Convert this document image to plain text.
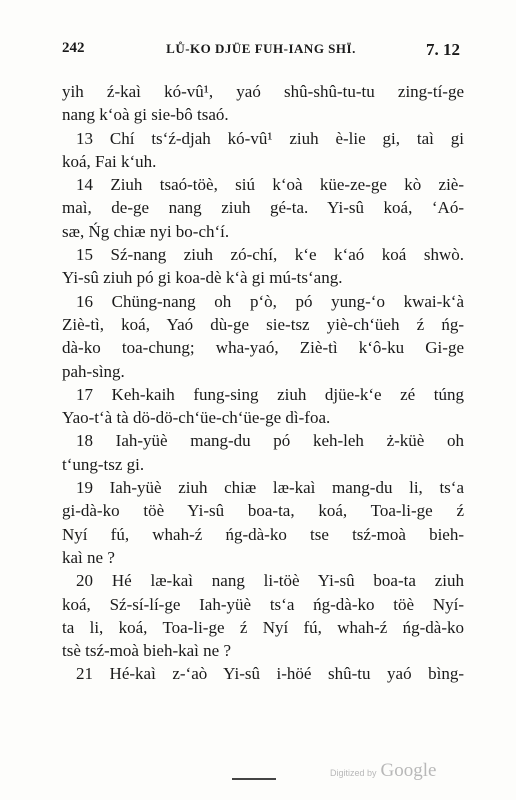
242	LŮ-KO DJÜE FUH-IANG SHÏ.	7. 12
yih ź-kaì kó-vû¹, yaó shû-shû-tu-tu zing-tí-ge
nang k‘oà gi sie-bô tsaó.
13 Chí ts‘ź-djah kó-vû¹ ziuh è-lie gi, taì gi
koá, Fai k‘uh.
14 Ziuh tsaó-töè, siú k‘oà küe-ze-ge kò ziè-
maì, de-ge nang ziuh gé-ta. Yi-sû koá, ‘Aó-
sæ, Ńg chiæ nyi bo-ch‘í.
15 Sź-nang ziuh zó-chí, k‘e k‘aó koá shwò.
Yi-sû ziuh pó gi koa-dè k‘à gi mú-ts‘ang.
16 Chüng-nang oh p‘ò, pó yung-‘o kwai-k‘à
Ziè-tì, koá, Yaó dù-ge sie-tsz yiè-ch‘üeh ź ńg-
dà-ko toa-chung; wha-yaó, Ziè-tì k‘ô-ku Gi-ge
pah-sìng.
17 Keh-kaih fung-sing ziuh djüe-k‘e zé túng
Yao-t‘à tà dö-dö-ch‘üe-ch‘üe-ge dì-foa.
18 Iah-yüè mang-du pó keh-leh ż-küè oh
t‘ung-tsz gi.
19 Iah-yüè ziuh chiæ læ-kaì mang-du li, ts‘a
gi-dà-ko töè Yi-sû boa-ta, koá, Toa-li-ge ź
Nyí fú, whah-ź ńg-dà-ko tse tsź-moà bieh-
kaì ne ?
20 Hé læ-kaì nang li-töè Yi-sû boa-ta ziuh
koá, Sź-sí-lí-ge Iah-yüè ts‘a ńg-dà-ko töè Nyí-
ta li, koá, Toa-li-ge ź Nyí fú, whah-ź ńg-dà-ko
tsè tsź-moà bieh-kaì ne ?
21 Hé-kaì z-‘aò Yi-sû i-höé shû-tu yaó bìng-
Digitized by Google
